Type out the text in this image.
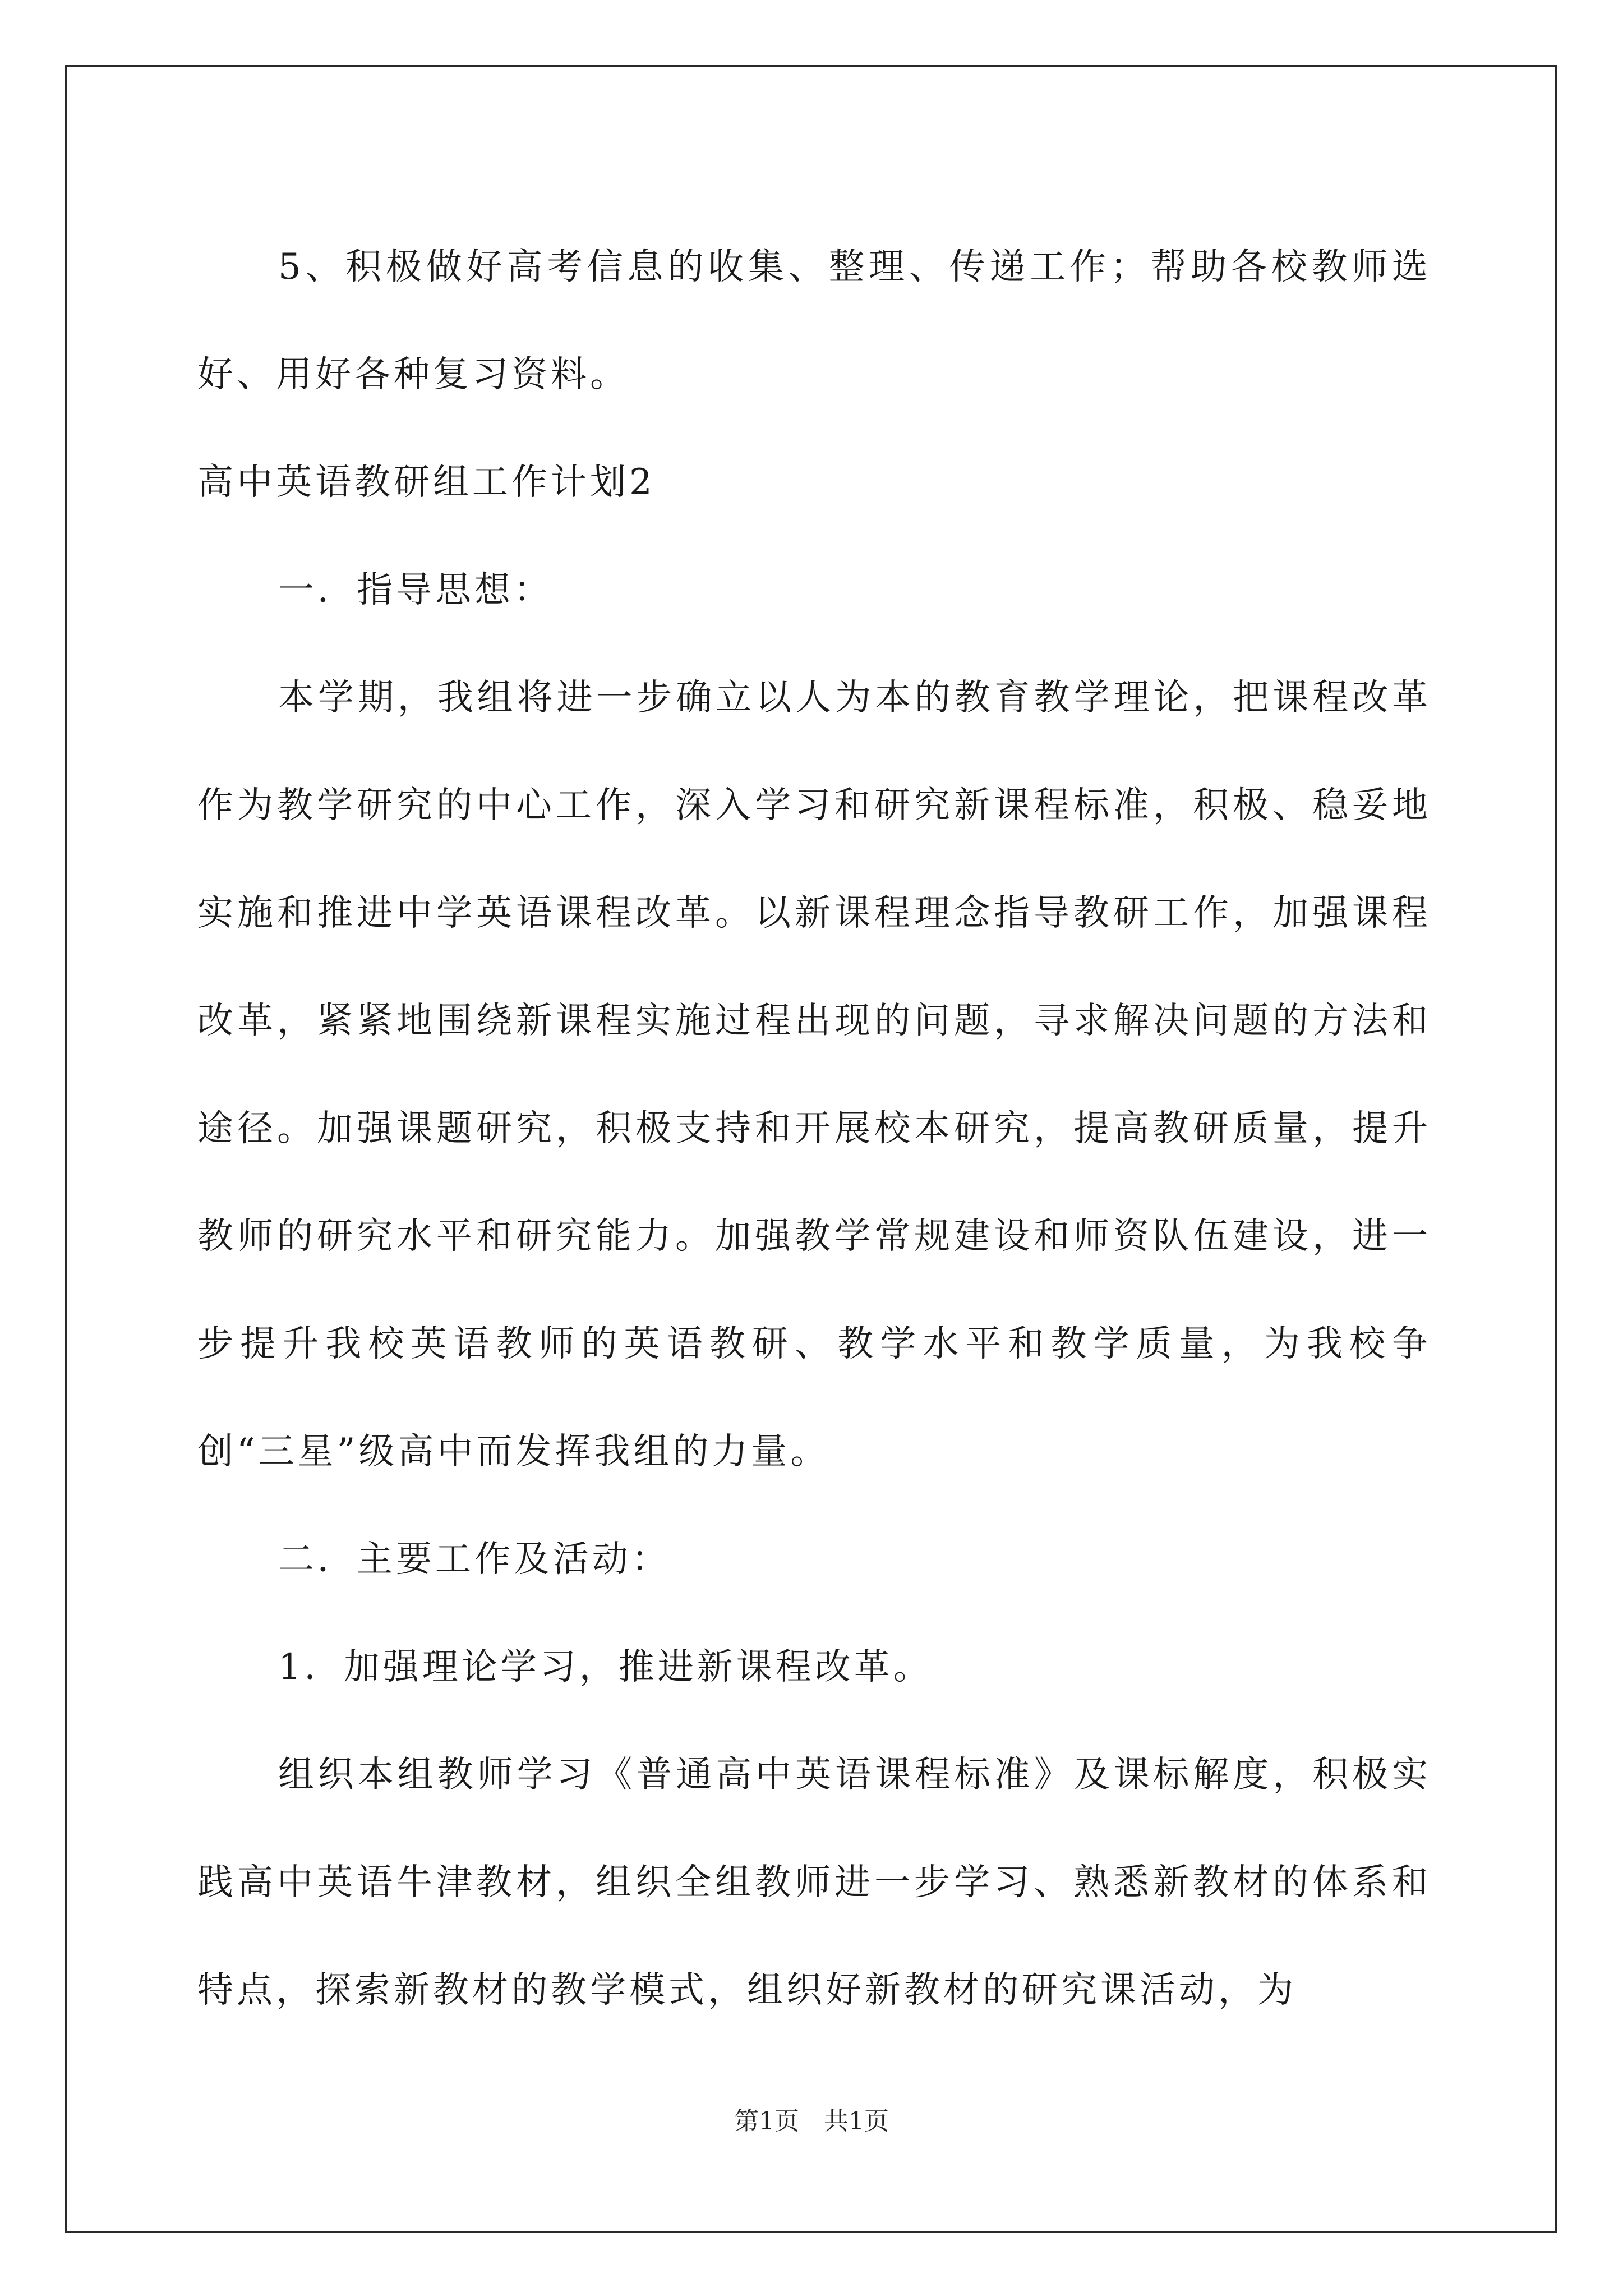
5、积极做好高考信息的收集、整理、传递工作；帮助各校教师选好、用好各种复习资料。

高中英语教研组工作计划2

一．指导思想：

本学期，我组将进一步确立以人为本的教育教学理论，把课程改革作为教学研究的中心工作，深入学习和研究新课程标准，积极、稳妥地实施和推进中学英语课程改革。以新课程理念指导教研工作，加强课程改革，紧紧地围绕新课程实施过程出现的问题，寻求解决问题的方法和途径。加强课题研究，积极支持和开展校本研究，提高教研质量，提升教师的研究水平和研究能力。加强教学常规建设和师资队伍建设，进一步提升我校英语教师的英语教研、教学水平和教学质量，为我校争创“三星”级高中而发挥我组的力量。

二．主要工作及活动：

1．加强理论学习，推进新课程改革。

组织本组教师学习《普通高中英语课程标准》及课标解度，积极实践高中英语牛津教材，组织全组教师进一步学习、熟悉新教材的体系和特点，探索新教材的教学模式，组织好新教材的研究课活动，为

第1页　共1页
